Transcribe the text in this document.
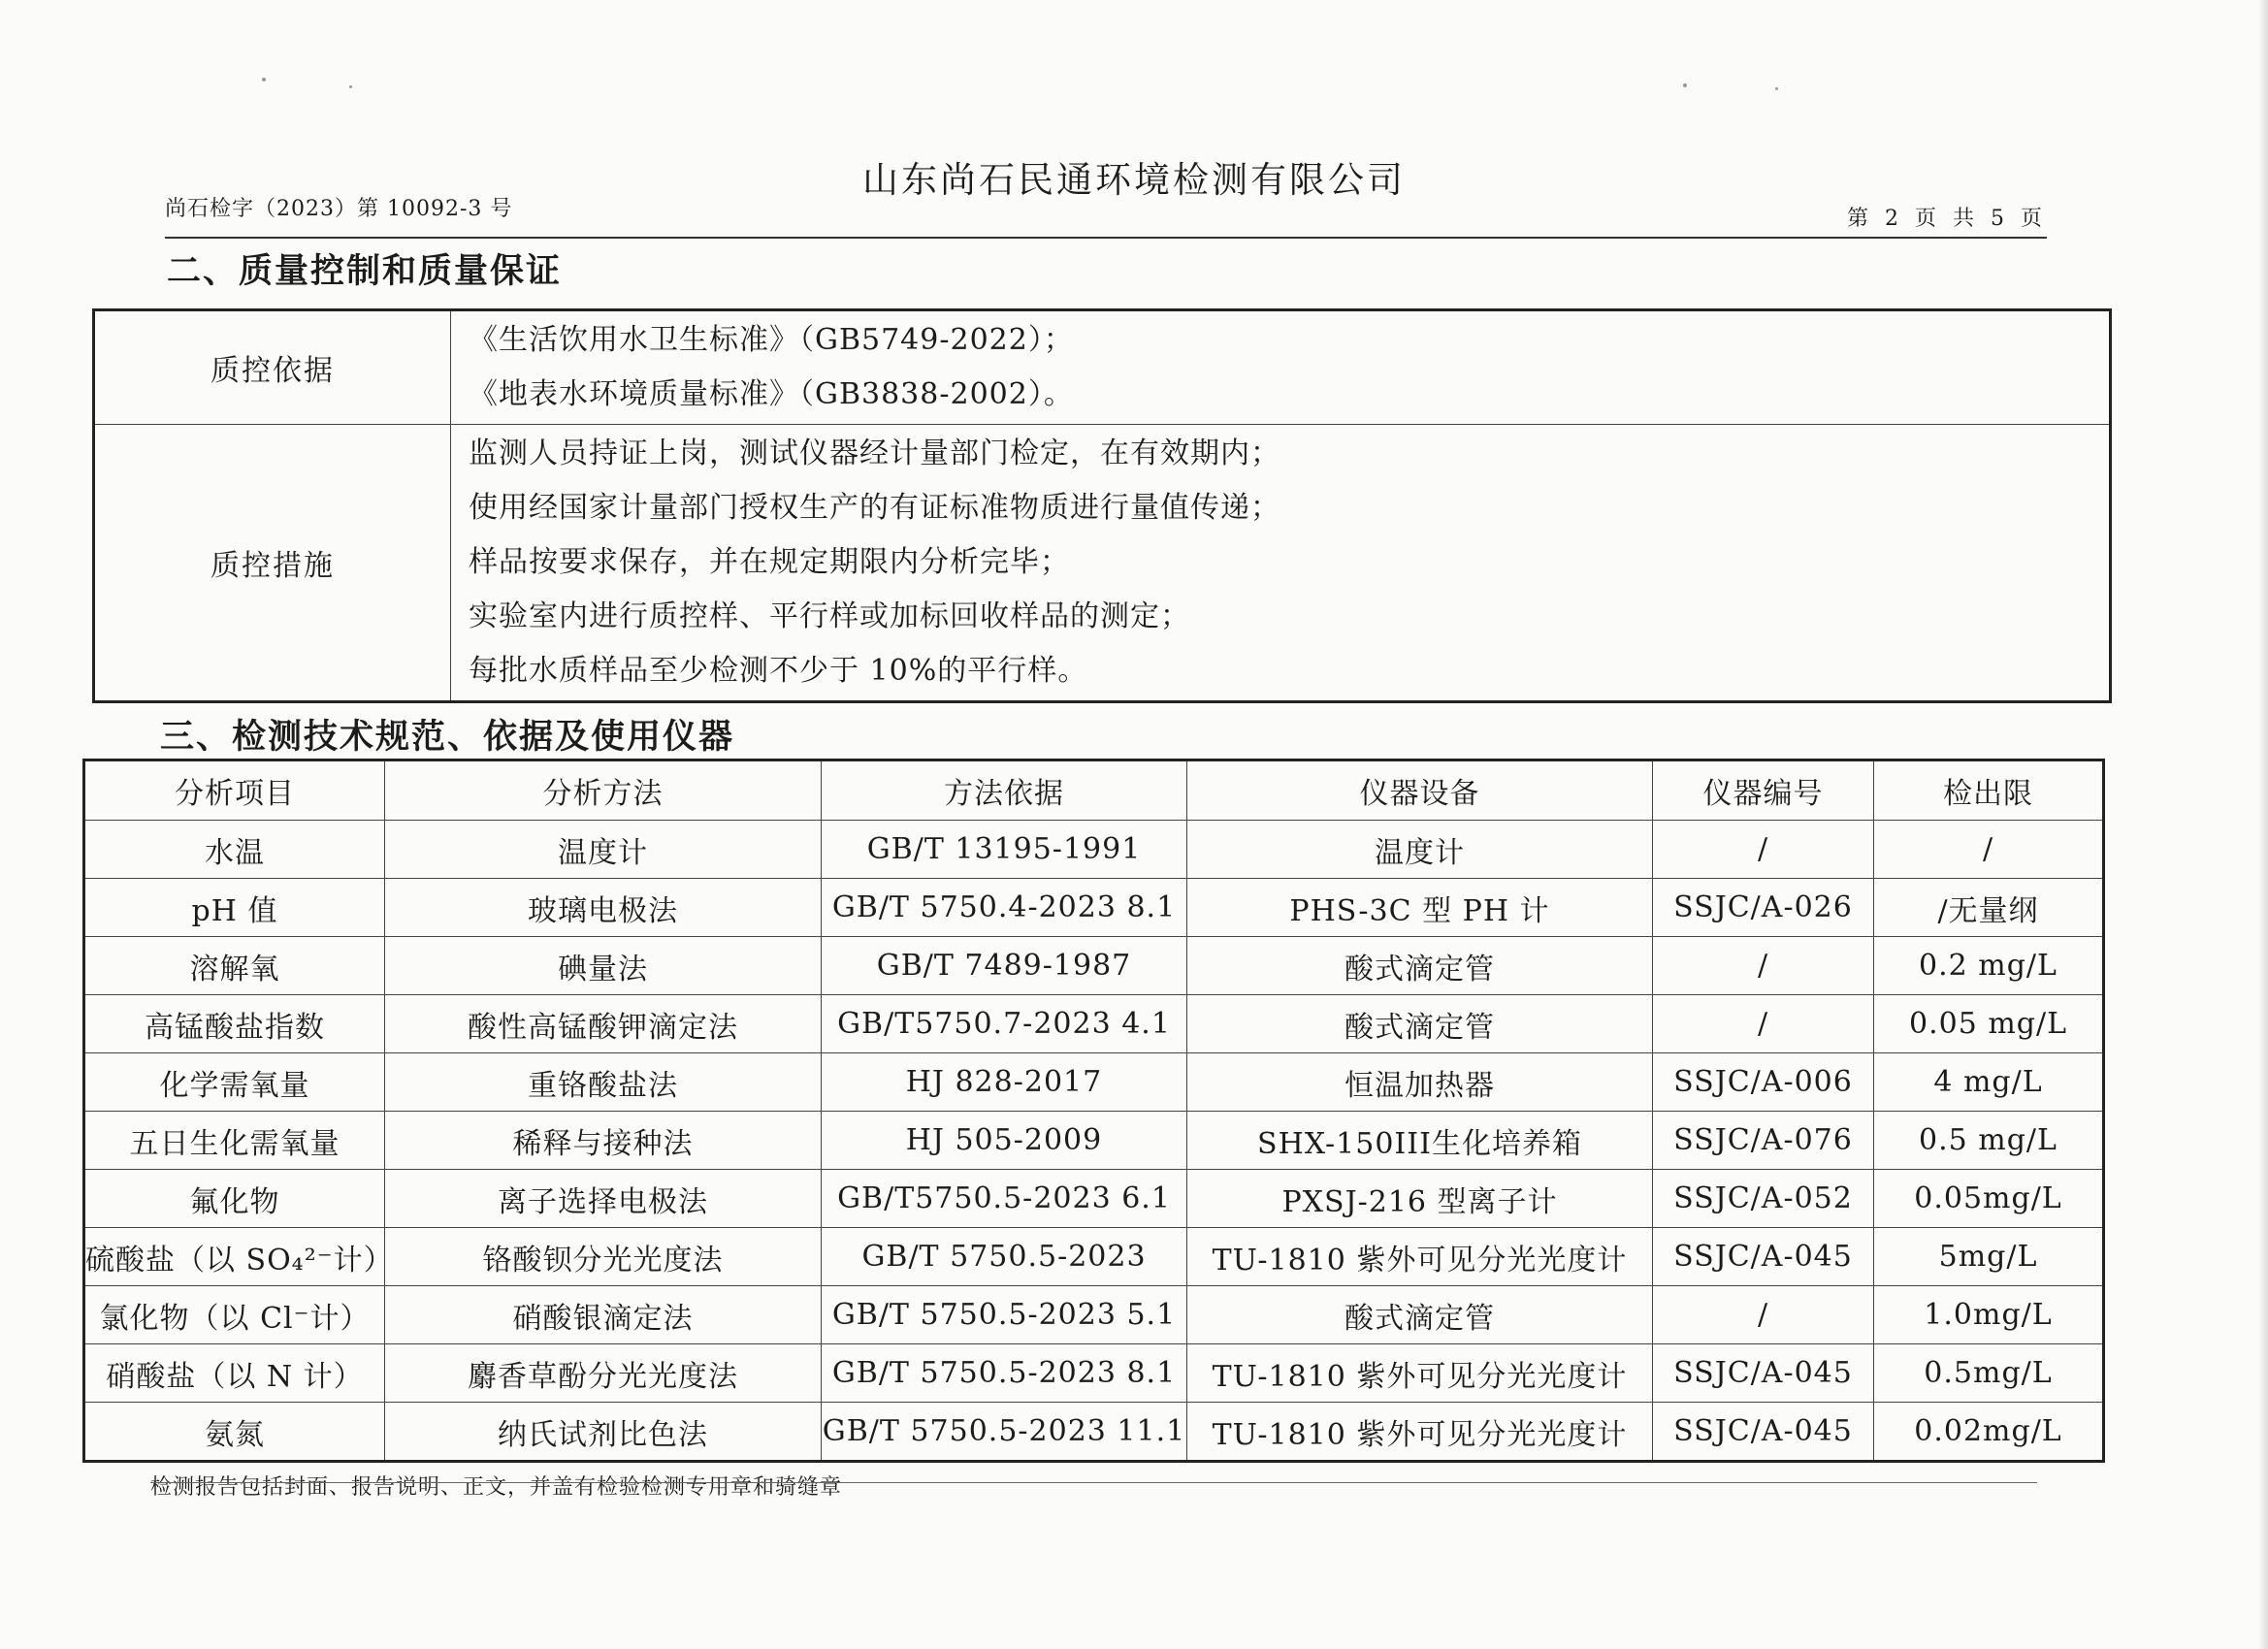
山东尚石民通环境检测有限公司
尚石检字（2023）第 10092-3 号	第 2 页 共 5 页
二、质量控制和质量保证
质控依据	《生活饮用水卫生标准》（GB5749-2022）；
《地表水环境质量标准》（GB3838-2002）。

质控措施	监测人员持证上岗，测试仪器经计量部门检定，在有效期内；
使用经国家计量部门授权生产的有证标准物质进行量值传递；
样品按要求保存，并在规定期限内分析完毕；
实验室内进行质控样、平行样或加标回收样品的测定；
每批水质样品至少检测不少于 10%的平行样。
三、检测技术规范、依据及使用仪器
分析项目	分析方法	方法依据	仪器设备	仪器编号	检出限
水温	温度计	GB/T 13195-1991	温度计	/	/
pH 值	玻璃电极法	GB/T 5750.4-2023 8.1	PHS-3C 型 PH 计	SSJC/A-026	/无量纲
溶解氧	碘量法	GB/T 7489-1987	酸式滴定管	/	0.2 mg/L
高锰酸盐指数	酸性高锰酸钾滴定法	GB/T5750.7-2023 4.1	酸式滴定管	/	0.05 mg/L
化学需氧量	重铬酸盐法	HJ 828-2017	恒温加热器	SSJC/A-006	4 mg/L
五日生化需氧量	稀释与接种法	HJ 505-2009	SHX-150III生化培养箱	SSJC/A-076	0.5 mg/L
氟化物	离子选择电极法	GB/T5750.5-2023 6.1	PXSJ-216 型离子计	SSJC/A-052	0.05mg/L
硫酸盐（以 SO₄²⁻计）	铬酸钡分光光度法	GB/T 5750.5-2023	TU-1810 紫外可见分光光度计	SSJC/A-045	5mg/L
氯化物（以 Cl⁻计）	硝酸银滴定法	GB/T 5750.5-2023 5.1	酸式滴定管	/	1.0mg/L
硝酸盐（以 N 计）	麝香草酚分光光度法	GB/T 5750.5-2023 8.1	TU-1810 紫外可见分光光度计	SSJC/A-045	0.5mg/L
氨氮	纳氏试剂比色法	GB/T 5750.5-2023 11.1	TU-1810 紫外可见分光光度计	SSJC/A-045	0.02mg/L
检测报告包括封面、报告说明、正文，并盖有检验检测专用章和骑缝章
